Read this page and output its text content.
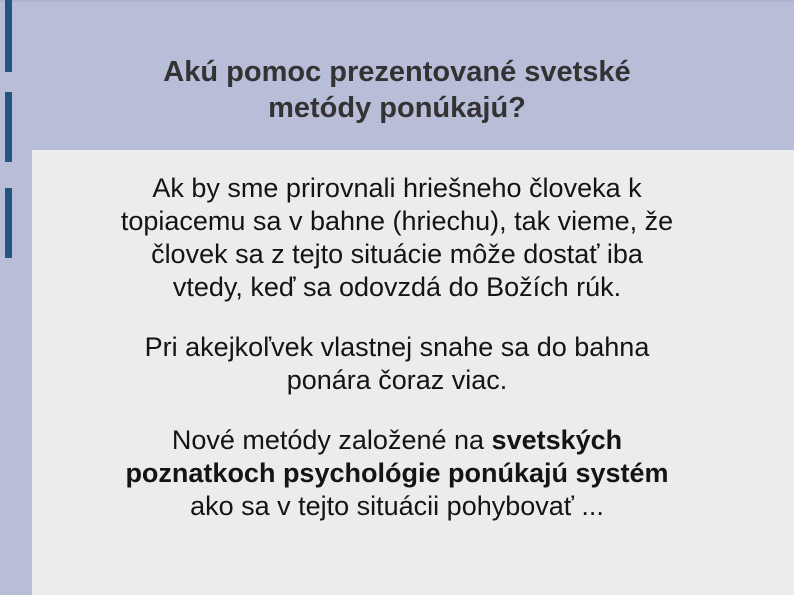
Akú pomoc prezentované svetské
metódy ponúkajú?
Ak by sme prirovnali hriešneho človeka k
topiacemu sa v bahne (hriechu), tak vieme, že
človek sa z tejto situácie môže dostať iba
vtedy, keď sa odovzdá do Božích rúk.
Pri akejkoľvek vlastnej snahe sa do bahna
ponára čoraz viac.
Nové metódy založené na svetských
poznatkoch psychológie ponúkajú systém
ako sa v tejto situácii pohybovať ...
